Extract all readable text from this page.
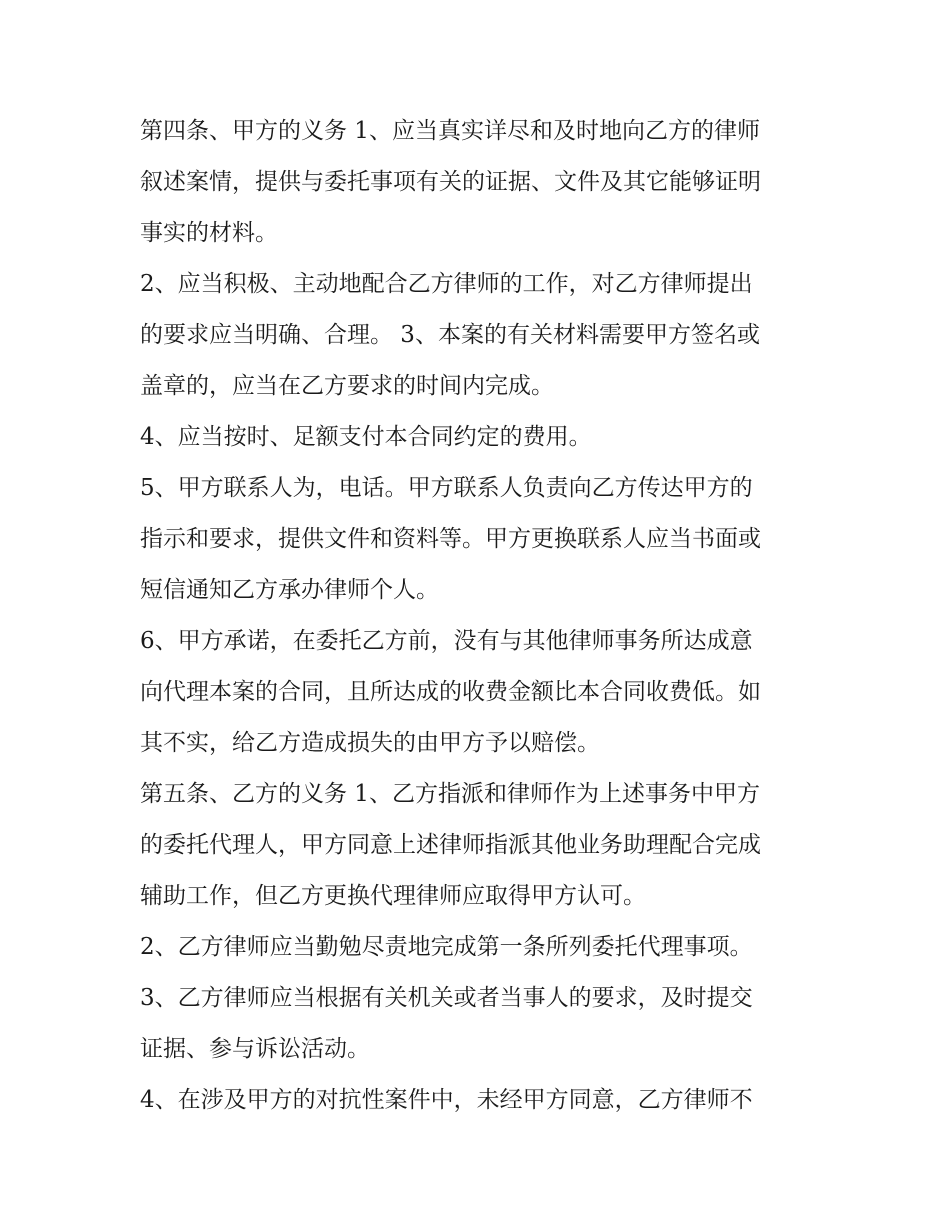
第四条、甲方的义务 1、应当真实详尽和及时地向乙方的律师
叙述案情，提供与委托事项有关的证据、文件及其它能够证明
事实的材料。
2、应当积极、主动地配合乙方律师的工作，对乙方律师提出
的要求应当明确、合理。 3、本案的有关材料需要甲方签名或
盖章的，应当在乙方要求的时间内完成。
4、应当按时、足额支付本合同约定的费用。
5、甲方联系人为，电话。甲方联系人负责向乙方传达甲方的
指示和要求，提供文件和资料等。甲方更换联系人应当书面或
短信通知乙方承办律师个人。
6、甲方承诺，在委托乙方前，没有与其他律师事务所达成意
向代理本案的合同，且所达成的收费金额比本合同收费低。如
其不实，给乙方造成损失的由甲方予以赔偿。
第五条、乙方的义务 1、乙方指派和律师作为上述事务中甲方
的委托代理人，甲方同意上述律师指派其他业务助理配合完成
辅助工作，但乙方更换代理律师应取得甲方认可。
2、乙方律师应当勤勉尽责地完成第一条所列委托代理事项。
3、乙方律师应当根据有关机关或者当事人的要求，及时提交
证据、参与诉讼活动。
4、在涉及甲方的对抗性案件中，未经甲方同意，乙方律师不
